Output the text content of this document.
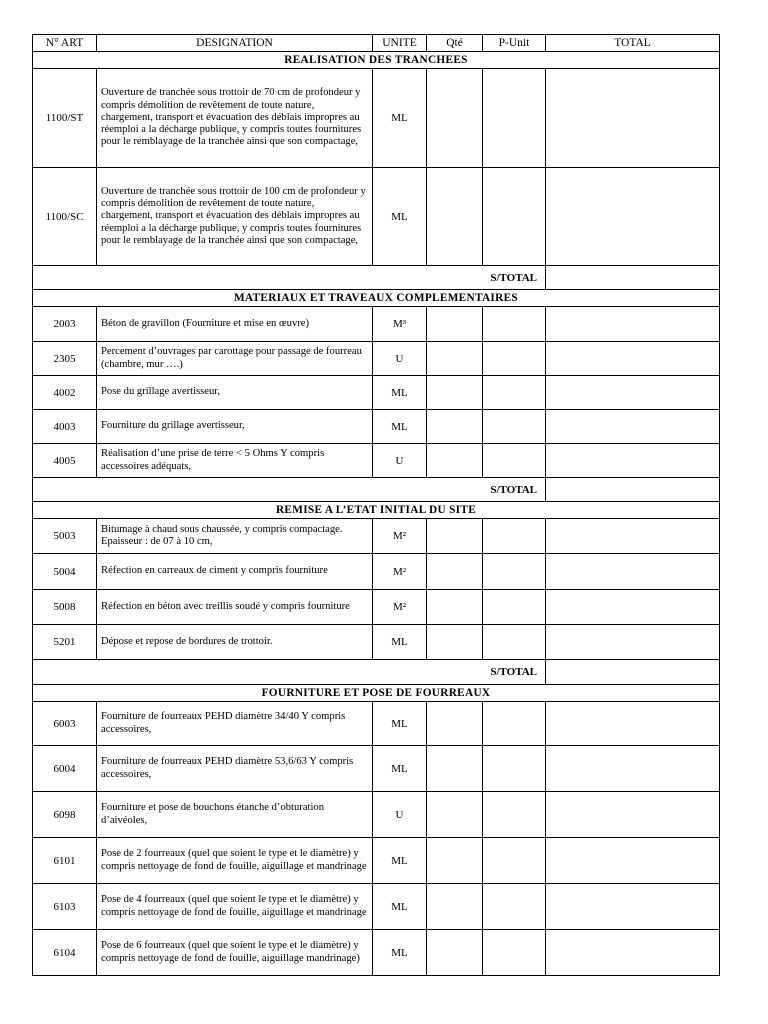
N° ART	DESIGNATION	UNITE	Qté	P-Unit	TOTAL
REALISATION DES TRANCHEES					
1100/ST	Ouverture de tranchée sous trottoir de 70 cm de profondeur y compris démolition de revêtement de toute nature, chargement, transport et évacuation des déblais impropres au réemploi a la décharge publique, y compris toutes fournitures pour le remblayage de la tranchée ainsi que son compactage,	ML			
1100/SC	Ouverture de tranchée sous trottoir de 100 cm de profondeur y compris démolition de revêtement de toute nature, chargement, transport et évacuation des déblais impropres au réemploi a la décharge publique, y compris toutes fournitures pour le remblayage de la tranchée ainsi que son compactage,	ML			
S/TOTAL					
MATERIAUX ET TRAVEAUX COMPLEMENTAIRES					
2003	Béton de gravillon (Fourniture et mise en œuvre)	M³			
2305	Percement d’ouvrages par carottage pour passage de fourreau (chambre, mur ….)	U			
4002	Pose du grillage avertisseur,	ML			
4003	Fourniture du grillage avertisseur,	ML			
4005	Réalisation d’une prise de terre < 5 Ohms Y compris accessoires adéquats,	U			
S/TOTAL					
REMISE A L’ETAT INITIAL DU SITE					
5003	Bitumage à chaud sous chaussée, y compris compactage. Epaisseur : de 07 à 10 cm,	M²			
5004	Réfection en carreaux de ciment y compris fourniture	M²			
5008	Réfection en béton avec treillis soudé y compris fourniture	M²			
5201	Dépose et repose de bordures de trottoir.	ML			
S/TOTAL					
FOURNITURE ET POSE DE FOURREAUX					
6003	Fourniture de fourreaux PEHD diamètre 34/40 Y compris accessoires,	ML			
6004	Fourniture de fourreaux PEHD diamètre 53,6/63 Y compris accessoires,	ML			
6098	Fourniture et pose de bouchons étanche d’obturation d’aivéoles,	U			
6101	Pose de 2 fourreaux (quel que soient le type et le diamètre) y compris nettoyage de fond de fouille, aiguillage et mandrinage	ML			
6103	Pose de 4 fourreaux (quel que soient le type et le diamètre) y compris nettoyage de fond de fouille, aiguillage et mandrinage	ML			
6104	Pose de 6 fourreaux (quel que soient le type et le diamètre) y compris nettoyage de fond de fouille, aiguillage mandrinage)	ML			
